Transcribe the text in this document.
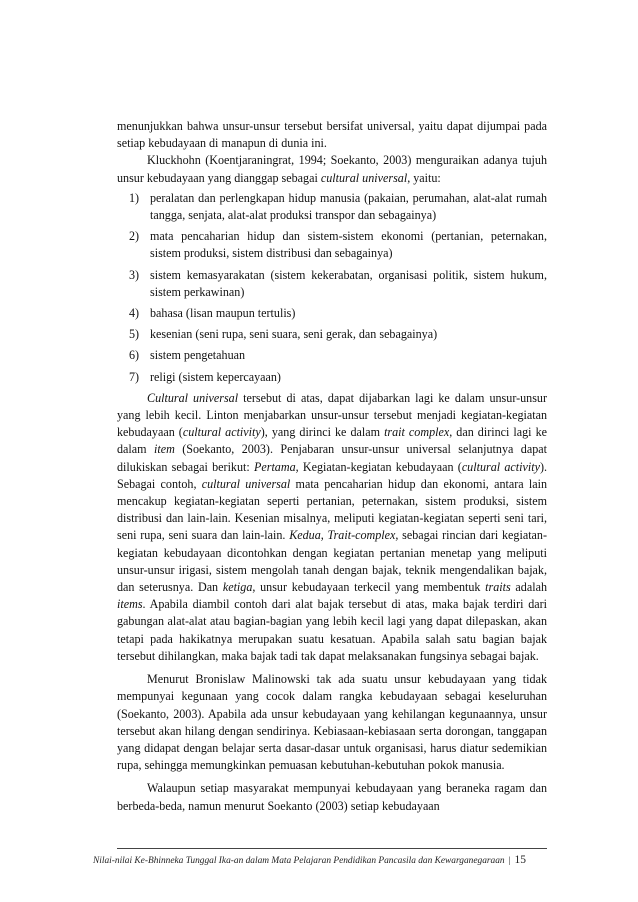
menunjukkan bahwa unsur-unsur tersebut bersifat universal, yaitu dapat dijumpai pada setiap kebudayaan di manapun di dunia ini.

Kluckhohn (Koentjaraningrat, 1994; Soekanto, 2003) menguraikan adanya tujuh unsur kebudayaan yang dianggap sebagai cultural universal, yaitu:

1) peralatan dan perlengkapan hidup manusia (pakaian, perumahan, alat-alat rumah tangga, senjata, alat-alat produksi transpor dan sebagainya)
2) mata pencaharian hidup dan sistem-sistem ekonomi (pertanian, peternakan, sistem produksi, sistem distribusi dan sebagainya)
3) sistem kemasyarakatan (sistem kekerabatan, organisasi politik, sistem hukum, sistem perkawinan)
4) bahasa (lisan maupun tertulis)
5) kesenian (seni rupa, seni suara, seni gerak, dan sebagainya)
6) sistem pengetahuan
7) religi (sistem kepercayaan)

Cultural universal tersebut di atas, dapat dijabarkan lagi ke dalam unsur-unsur yang lebih kecil. Linton menjabarkan unsur-unsur tersebut menjadi kegiatan-kegiatan kebudayaan (cultural activity), yang dirinci ke dalam trait complex, dan dirinci lagi ke dalam item (Soekanto, 2003). Penjabaran unsur-unsur universal selanjutnya dapat dilukiskan sebagai berikut: Pertama, Kegiatan-kegiatan kebudayaan (cultural activity). Sebagai contoh, cultural universal mata pencaharian hidup dan ekonomi, antara lain mencakup kegiatan-kegiatan seperti pertanian, peternakan, sistem produksi, sistem distribusi dan lain-lain. Kesenian misalnya, meliputi kegiatan-kegiatan seperti seni tari, seni rupa, seni suara dan lain-lain. Kedua, Trait-complex, sebagai rincian dari kegiatan-kegiatan kebudayaan dicontohkan dengan kegiatan pertanian menetap yang meliputi unsur-unsur irigasi, sistem mengolah tanah dengan bajak, teknik mengendalikan bajak, dan seterusnya. Dan ketiga, unsur kebudayaan terkecil yang membentuk traits adalah items. Apabila diambil contoh dari alat bajak tersebut di atas, maka bajak terdiri dari gabungan alat-alat atau bagian-bagian yang lebih kecil lagi yang dapat dilepaskan, akan tetapi pada hakikatnya merupakan suatu kesatuan. Apabila salah satu bagian bajak tersebut dihilangkan, maka bajak tadi tak dapat melaksanakan fungsinya sebagai bajak.

Menurut Bronislaw Malinowski tak ada suatu unsur kebudayaan yang tidak mempunyai kegunaan yang cocok dalam rangka kebudayaan sebagai keseluruhan (Soekanto, 2003). Apabila ada unsur kebudayaan yang kehilangan kegunaannya, unsur tersebut akan hilang dengan sendirinya. Kebiasaan-kebiasaan serta dorongan, tanggapan yang didapat dengan belajar serta dasar-dasar untuk organisasi, harus diatur sedemikian rupa, sehingga memungkinkan pemuasan kebutuhan-kebutuhan pokok manusia.

Walaupun setiap masyarakat mempunyai kebudayaan yang beraneka ragam dan berbeda-beda, namun menurut Soekanto (2003) setiap kebudayaan

Nilai-nilai Ke-Bhinneka Tunggal Ika-an dalam Mata Pelajaran Pendidikan Pancasila dan Kewarganegaraan | 15
